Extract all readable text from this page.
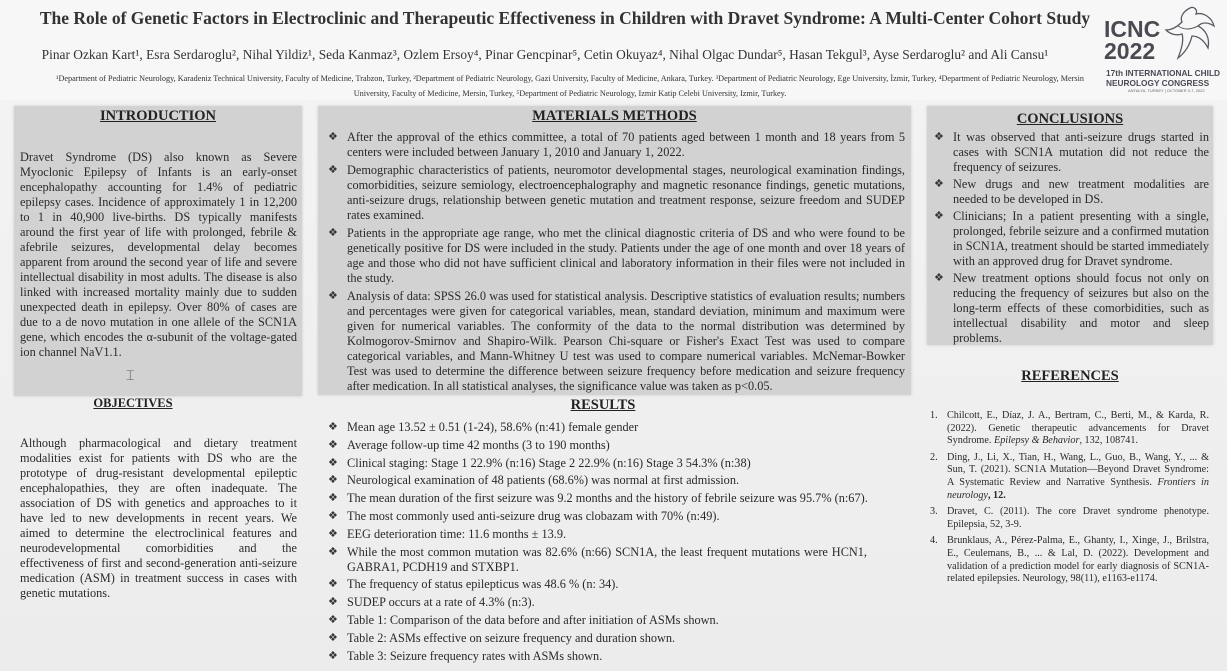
The Role of Genetic Factors in Electroclinic and Therapeutic Effectiveness in Children with Dravet Syndrome: A Multi-Center Cohort Study
Pinar Ozkan Kart¹, Esra Serdaroglu², Nihal Yildiz¹, Seda Kanmaz³, Ozlem Ersoy⁴, Pinar Gencpinar⁵, Cetin Okuyaz⁴, Nihal Olgac Dundar⁵, Hasan Tekgul³, Ayse Serdaroglu² and Ali Cansu¹
¹Department of Pediatric Neurology, Karadeniz Technical University, Faculty of Medicine, Trabzon, Turkey, ²Department of Pediatric Neurology, Gazi University, Faculty of Medicine, Ankara, Turkey. ³Department of Pediatric Neurology, Ege University, İzmir, Turkey, ⁴Department of Pediatric Neurology, Mersin
University, Faculty of Medicine, Mersin, Turkey, ⁵Department of Pediatric Neurology, Izmir Katip Celebi University, Izmir, Turkey.
ICNC
2022
17th INTERNATIONAL CHILD
NEUROLOGY CONGRESS
ANTALYA, TURKEY | OCTOBER 3-7, 2022
INTRODUCTION
Dravet Syndrome (DS) also known as Severe Myoclonic Epilepsy of Infants is an early-onset encephalopathy accounting for 1.4% of pediatric epilepsy cases. Incidence of approximately 1 in 12,200 to 1 in 40,900 live-births. DS typically manifests around the first year of life with prolonged, febrile & afebrile seizures, developmental delay becomes apparent from around the second year of life and severe intellectual disability in most adults. The disease is also linked with increased mortality mainly due to sudden unexpected death in epilepsy. Over 80% of cases are due to a de novo mutation in one allele of the SCN1A gene, which encodes the α-subunit of the voltage-gated ion channel NaV1.1.
OBJECTIVES
Although pharmacological and dietary treatment modalities exist for patients with DS who are the prototype of drug-resistant developmental epileptic encephalopathies, they are often inadequate. The association of DS with genetics and approaches to it have led to new developments in recent years. We aimed to determine the electroclinical features and neurodevelopmental comorbidities and the effectiveness of first and second-generation anti-seizure medication (ASM) in treatment success in cases with genetic mutations.
⌶
MATERIALS METHODS
❖ After the approval of the ethics committee, a total of 70 patients aged between 1 month and 18 years from 5 centers were included between January 1, 2010 and January 1, 2022.
❖ Demographic characteristics of patients, neuromotor developmental stages, neurological examination findings, comorbidities, seizure semiology, electroencephalography and magnetic resonance findings, genetic mutations, anti-seizure drugs, relationship between genetic mutation and treatment response, seizure freedom and SUDEP rates examined.
❖ Patients in the appropriate age range, who met the clinical diagnostic criteria of DS and who were found to be genetically positive for DS were included in the study. Patients under the age of one month and over 18 years of age and those who did not have sufficient clinical and laboratory information in their files were not included in the study.
❖ Analysis of data: SPSS 26.0 was used for statistical analysis. Descriptive statistics of evaluation results; numbers and percentages were given for categorical variables, mean, standard deviation, minimum and maximum were given for numerical variables. The conformity of the data to the normal distribution was determined by Kolmogorov-Smirnov and Shapiro-Wilk. Pearson Chi-square or Fisher's Exact Test was used to compare categorical variables, and Mann-Whitney U test was used to compare numerical variables. McNemar-Bowker Test was used to determine the difference between seizure frequency before medication and seizure frequency after medication. In all statistical analyses, the significance value was taken as p<0.05.
RESULTS
❖ Mean age 13.52 ± 0.51 (1-24), 58.6% (n:41) female gender
❖ Average follow-up time 42 months (3 to 190 months)
❖ Clinical staging: Stage 1 22.9% (n:16) Stage 2 22.9% (n:16) Stage 3 54.3% (n:38)
❖ Neurological examination of 48 patients (68.6%) was normal at first admission.
❖ The mean duration of the first seizure was 9.2 months and the history of febrile seizure was 95.7% (n:67).
❖ The most commonly used anti-seizure drug was clobazam with 70% (n:49).
❖ EEG deterioration time: 11.6 months ± 13.9.
❖ While the most common mutation was 82.6% (n:66) SCN1A, the least frequent mutations were HCN1, GABRA1, PCDH19 and STXBP1.
❖ The frequency of status epilepticus was 48.6 % (n: 34).
❖ SUDEP occurs at a rate of 4.3% (n:3).
❖ Table 1: Comparison of the data before and after initiation of ASMs shown.
❖ Table 2: ASMs effective on seizure frequency and duration shown.
❖ Table 3: Seizure frequency rates with ASMs shown.
CONCLUSIONS
❖ It was observed that anti-seizure drugs started in cases with SCN1A mutation did not reduce the frequency of seizures.
❖ New drugs and new treatment modalities are needed to be developed in DS.
❖ Clinicians; In a patient presenting with a single, prolonged, febrile seizure and a confirmed mutation in SCN1A, treatment should be started immediately with an approved drug for Dravet syndrome.
❖ New treatment options should focus not only on reducing the frequency of seizures but also on the long-term effects of these comorbidities, such as intellectual disability and motor and sleep problems.
REFERENCES
1. Chilcott, E., Díaz, J. A., Bertram, C., Berti, M., & Karda, R. (2022). Genetic therapeutic advancements for Dravet Syndrome. Epilepsy & Behavior, 132, 108741.
2. Ding, J., Li, X., Tian, H., Wang, L., Guo, B., Wang, Y., ... & Sun, T. (2021). SCN1A Mutation—Beyond Dravet Syndrome: A Systematic Review and Narrative Synthesis. Frontiers in neurology, 12.
3. Dravet, C. (2011). The core Dravet syndrome phenotype. Epilepsia, 52, 3-9.
4. Brunklaus, A., Pérez-Palma, E., Ghanty, I., Xinge, J., Brilstra, E., Ceulemans, B., ... & Lal, D. (2022). Development and validation of a prediction model for early diagnosis of SCN1A-related epilepsies. Neurology, 98(11), e1163-e1174.
